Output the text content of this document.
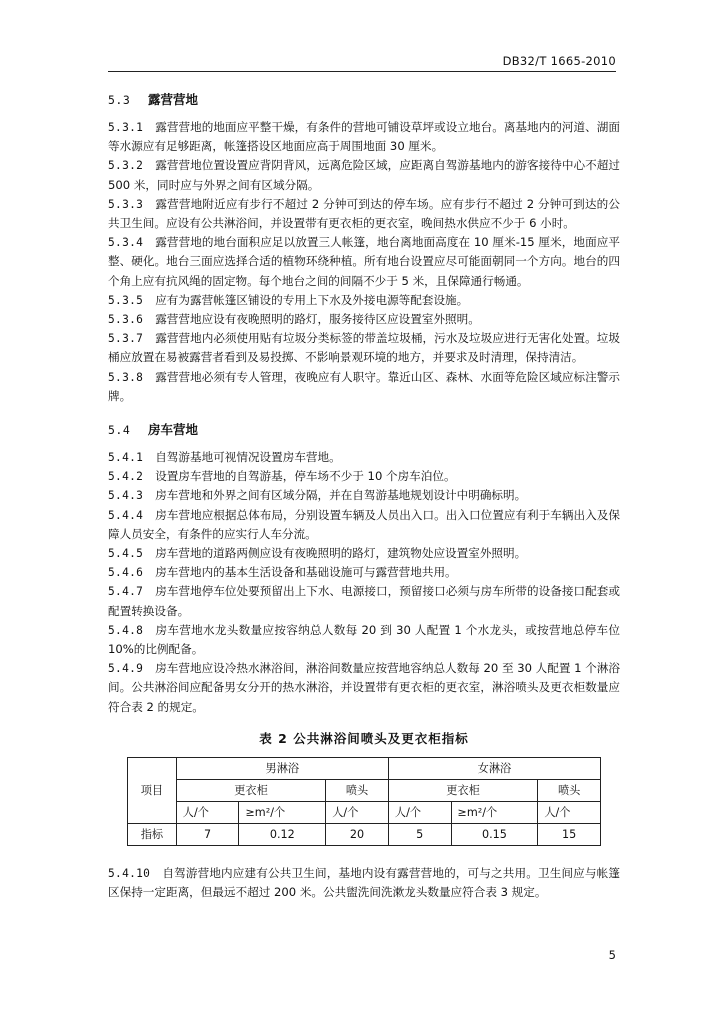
DB32/T 1665-2010
5.3 露营营地

5.3.1 露营营地的地面应平整干燥，有条件的营地可铺设草坪或设立地台。离基地内的河道、湖面等水源应有足够距离，帐篷搭设区地面应高于周围地面 30 厘米。

5.3.2 露营营地位置设置应背阴背风，远离危险区域，应距离自驾游基地内的游客接待中心不超过 500 米，同时应与外界之间有区域分隔。

5.3.3 露营营地附近应有步行不超过 2 分钟可到达的停车场。应有步行不超过 2 分钟可到达的公共卫生间。应设有公共淋浴间，并设置带有更衣柜的更衣室，晚间热水供应不少于 6 小时。

5.3.4 露营营地的地台面积应足以放置三人帐篷，地台离地面高度在 10 厘米-15 厘米，地面应平整、硬化。地台三面应选择合适的植物环绕种植。所有地台设置应尽可能面朝同一个方向。地台的四个角上应有抗风绳的固定物。每个地台之间的间隔不少于 5 米，且保障通行畅通。

5.3.5 应有为露营帐篷区铺设的专用上下水及外接电源等配套设施。

5.3.6 露营营地应设有夜晚照明的路灯，服务接待区应设置室外照明。

5.3.7 露营营地内必须使用贴有垃圾分类标签的带盖垃圾桶，污水及垃圾应进行无害化处置。垃圾桶应放置在易被露营者看到及易投掷、不影响景观环境的地方，并要求及时清理，保持清洁。

5.3.8 露营营地必须有专人管理，夜晚应有人职守。靠近山区、森林、水面等危险区域应标注警示牌。

5.4 房车营地

5.4.1 自驾游基地可视情况设置房车营地。

5.4.2 设置房车营地的自驾游基，停车场不少于 10 个房车泊位。

5.4.3 房车营地和外界之间有区域分隔，并在自驾游基地规划设计中明确标明。

5.4.4 房车营地应根据总体布局，分别设置车辆及人员出入口。出入口位置应有利于车辆出入及保障人员安全，有条件的应实行人车分流。

5.4.5 房车营地的道路两侧应设有夜晚照明的路灯，建筑物处应设置室外照明。

5.4.6 房车营地内的基本生活设备和基础设施可与露营营地共用。

5.4.7 房车营地停车位处要预留出上下水、电源接口，预留接口必须与房车所带的设备接口配套或配置转换设备。

5.4.8 房车营地水龙头数量应按容纳总人数每 20 到 30 人配置 1 个水龙头，或按营地总停车位 10%的比例配备。

5.4.9 房车营地应设冷热水淋浴间，淋浴间数量应按营地容纳总人数每 20 至 30 人配置 1 个淋浴间。公共淋浴间应配备男女分开的热水淋浴，并设置带有更衣柜的更衣室，淋浴喷头及更衣柜数量应符合表 2 的规定。

表 2 公共淋浴间喷头及更衣柜指标
项目	男淋浴			女淋浴		
	更衣柜		喷头	更衣柜		喷头
	人/个	≥m²/个	人/个	人/个	≥m²/个	人/个
指标	7	0.12	20	5	0.15	15

5.4.10 自驾游营地内应建有公共卫生间，基地内设有露营营地的，可与之共用。卫生间应与帐篷区保持一定距离，但最远不超过 200 米。公共盥洗间洗漱龙头数量应符合表 3 规定。

5
